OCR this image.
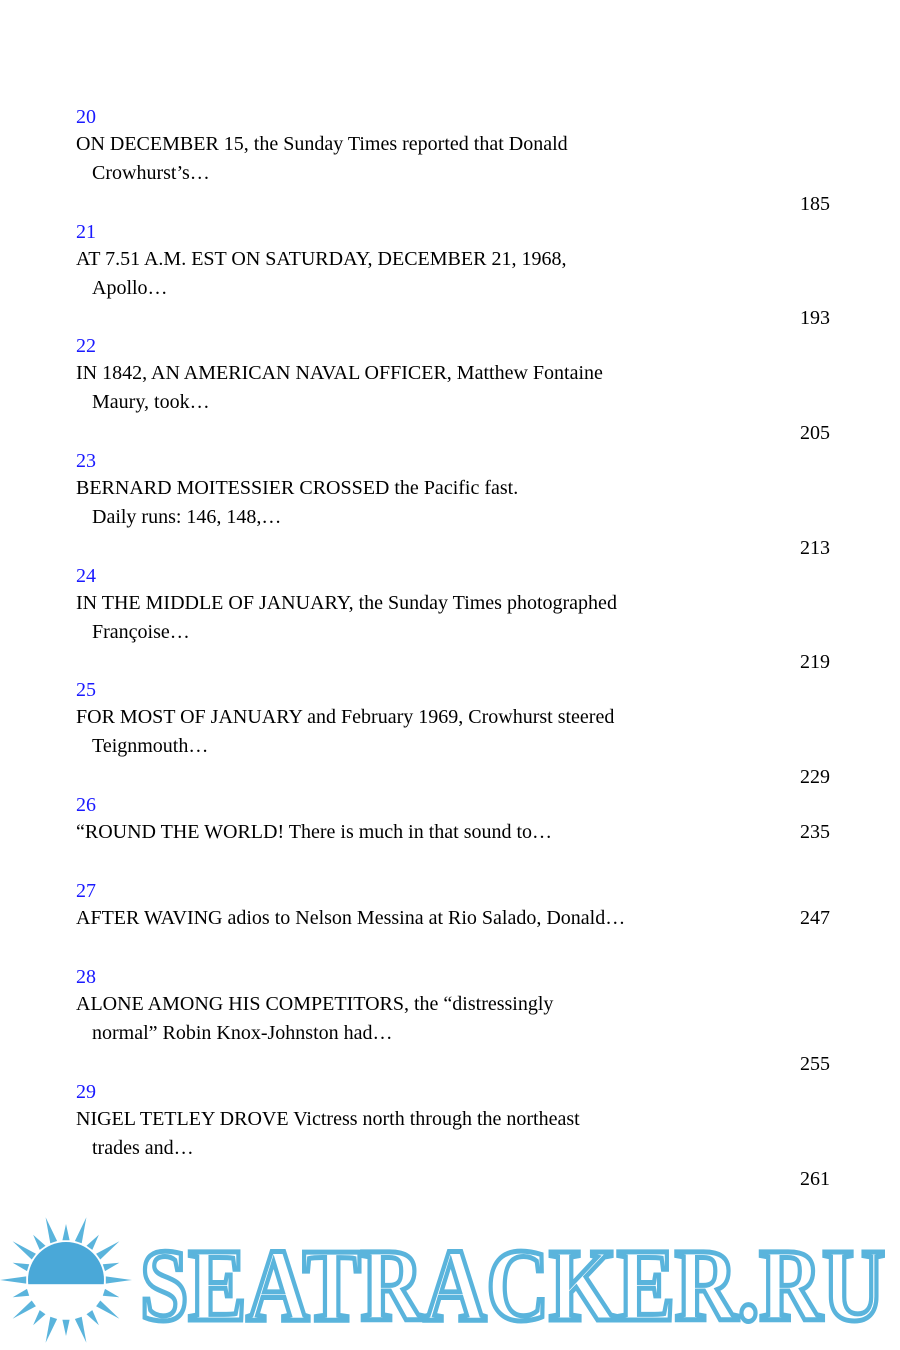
20
ON DECEMBER 15, the Sunday Times reported that Donald
Crowhurst’s…
185
21
AT 7.51 A.M. EST ON SATURDAY, DECEMBER 21, 1968,
Apollo…
193
22
IN 1842, AN AMERICAN NAVAL OFFICER, Matthew Fontaine
Maury, took…
205
23
BERNARD MOITESSIER CROSSED the Pacific fast.
Daily runs: 146, 148,…
213
24
IN THE MIDDLE OF JANUARY, the Sunday Times photographed
Françoise…
219
25
FOR MOST OF JANUARY and February 1969, Crowhurst steered
Teignmouth…
229
26
“ROUND THE WORLD! There is much in that sound to…	235
27
AFTER WAVING adios to Nelson Messina at Rio Salado, Donald…	247
28
ALONE AMONG HIS COMPETITORS, the “distressingly
normal” Robin Knox-Johnston had…
255
29
NIGEL TETLEY DROVE Victress north through the northeast
trades and…
261
SEATRACKER.RU
